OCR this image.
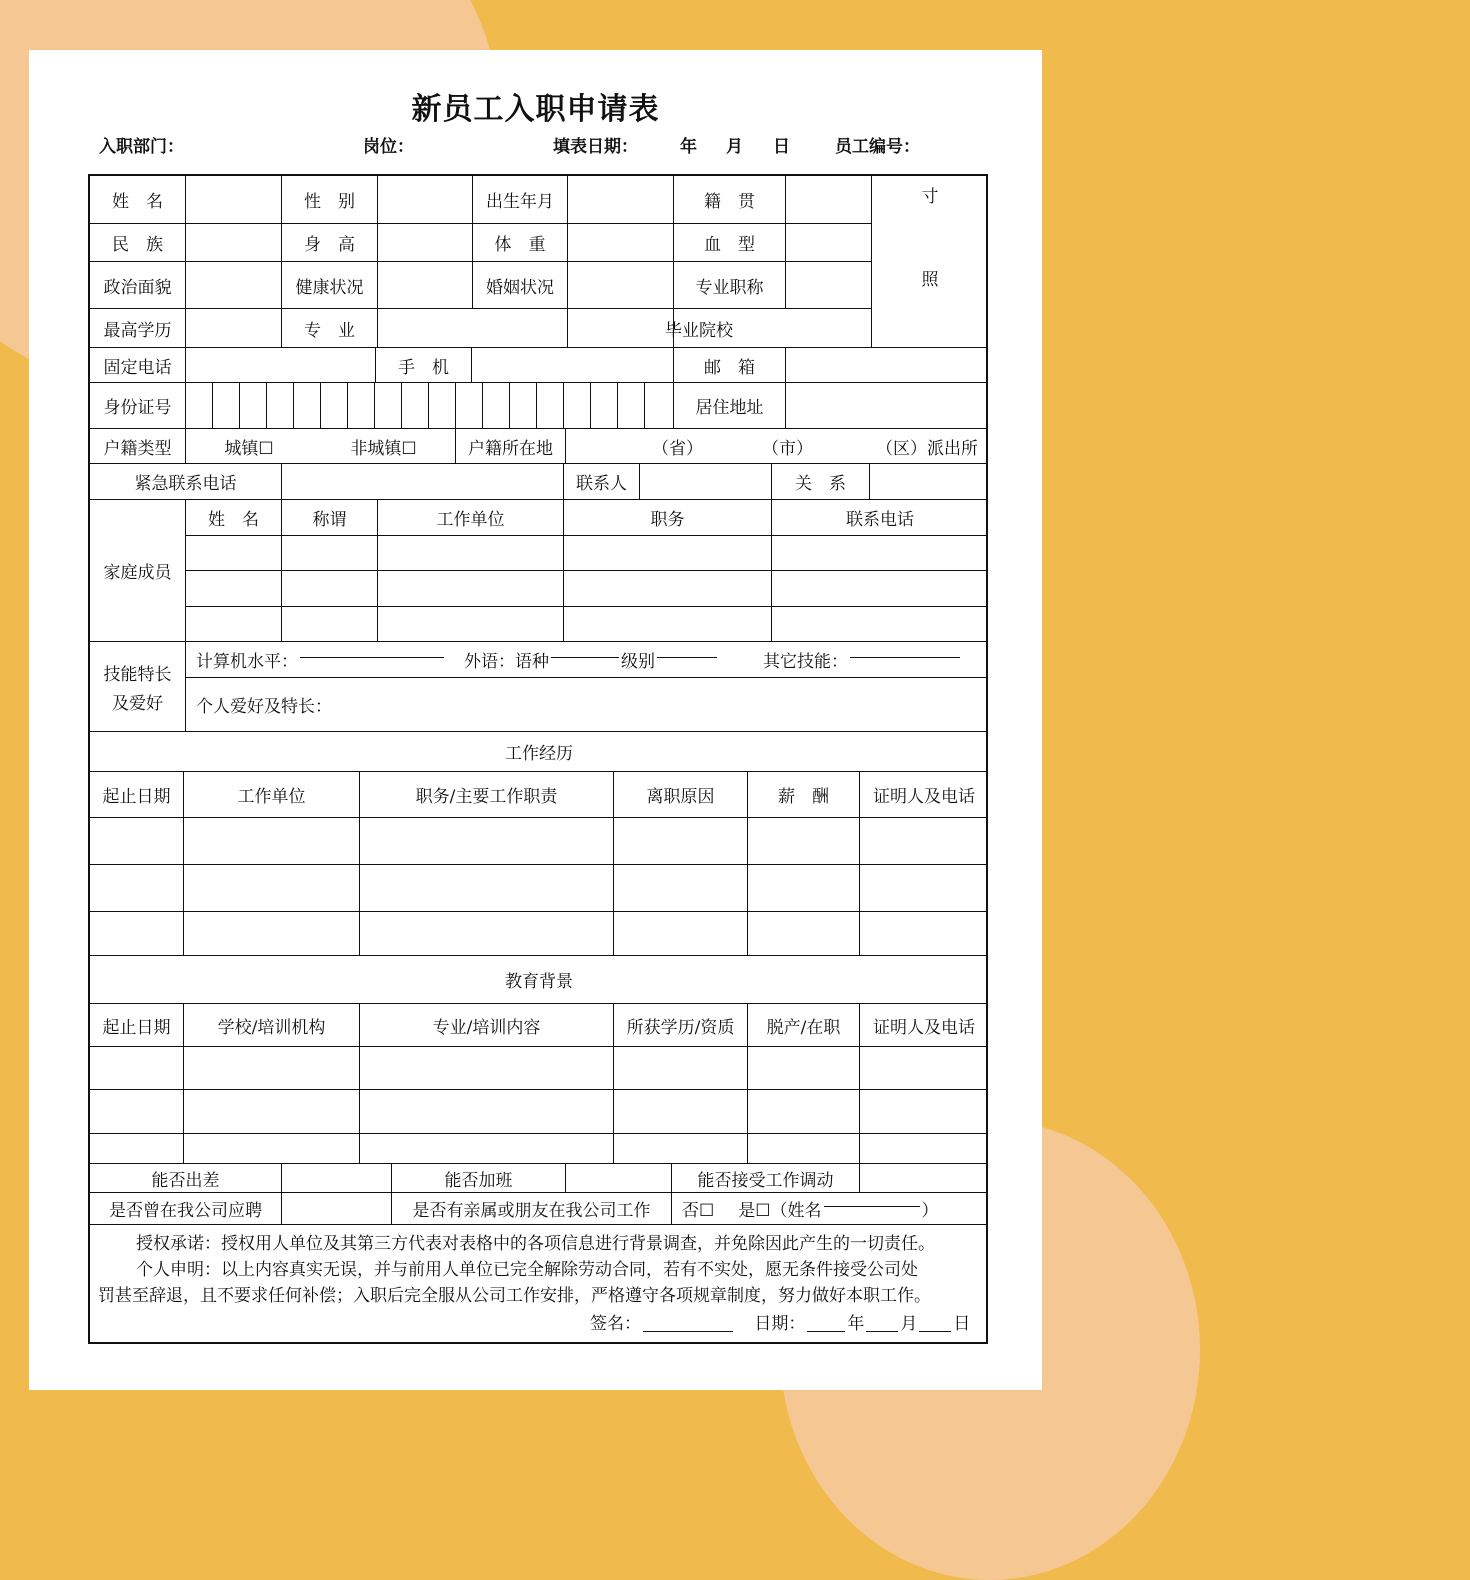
新员工入职申请表
入职部门：	岗位：	填表日期： 年 月 日	员工编号：
姓　名	性　别	出生年月	籍　贯	寸
照
民　族	身　高	体　重	血　型
政治面貌	健康状况	婚姻状况	专业职称
最高学历	专　业	毕业院校
固定电话	手　机	邮　箱
身份证号	居住地址
户籍类型	城镇☐	非城镇☐	户籍所在地	（省）	（市）	（区）派出所
紧急联系电话	联系人	关　系
家庭成员
姓　名	称谓	工作单位	职务	联系电话
技能特长
及爱好
计算机水平：	外语：语种	级别	其它技能：
个人爱好及特长：
工作经历
起止日期	工作单位	职务/主要工作职责	离职原因	薪　酬	证明人及电话
教育背景
起止日期	学校/培训机构	专业/培训内容	所获学历/资质	脱产/在职	证明人及电话
能否出差	能否加班	能否接受工作调动
是否曾在我公司应聘	是否有亲属或朋友在我公司工作	否☐ 是☐（姓名	）
授权承诺：授权用人单位及其第三方代表对表格中的各项信息进行背景调查，并免除因此产生的一切责任。
个人申明：以上内容真实无误，并与前用人单位已完全解除劳动合同，若有不实处，愿无条件接受公司处
罚甚至辞退，且不要求任何补偿；入职后完全服从公司工作安排，严格遵守各项规章制度，努力做好本职工作。
签名：	日期： 年 月 日
